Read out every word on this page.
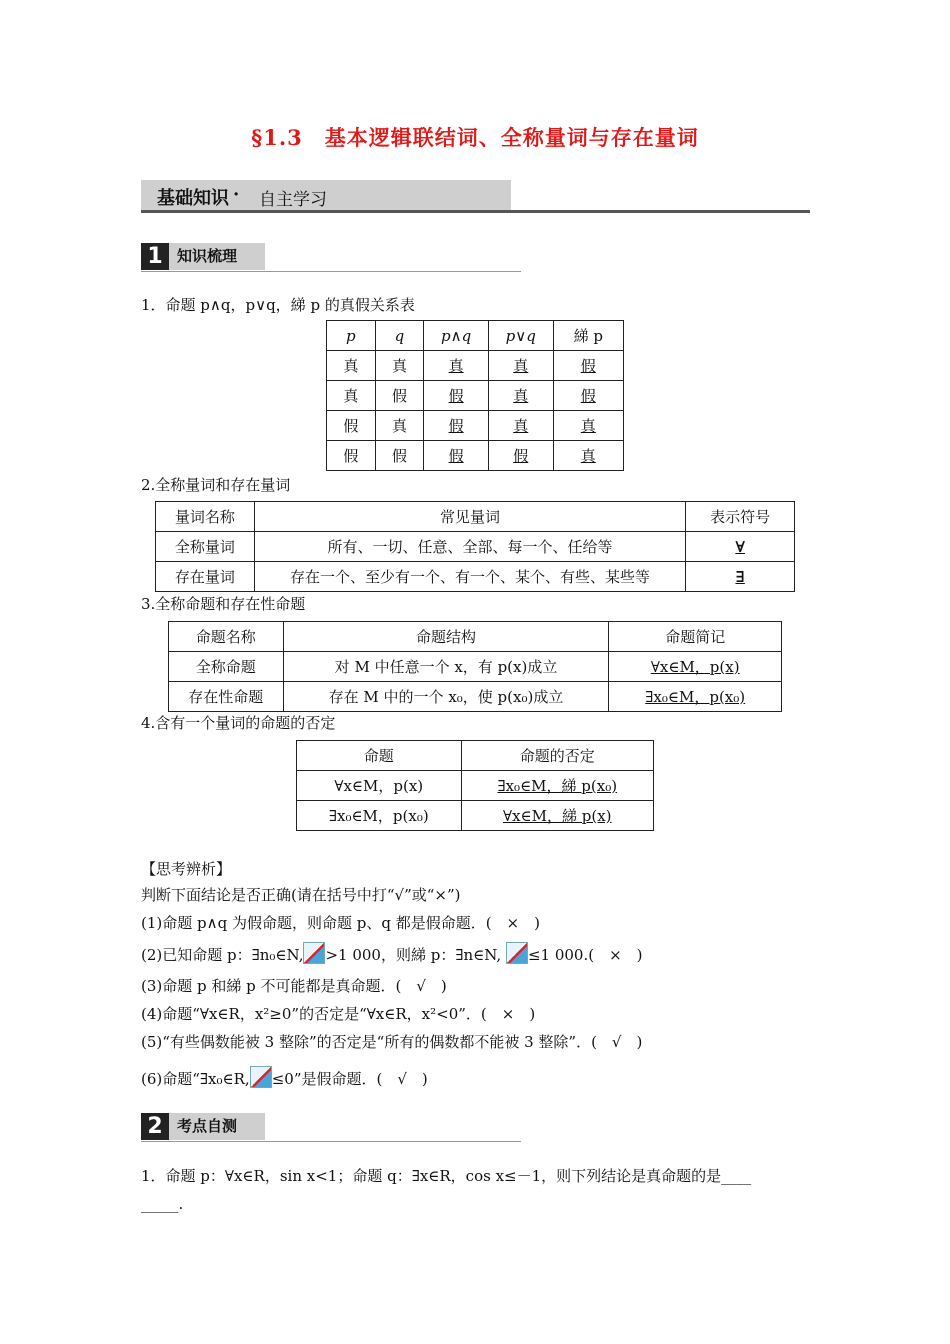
§1.3　基本逻辑联结词、全称量词与存在量词
基础知识 · 自主学习
1 知识梳理
1．命题 p∧q，p∨q，綈 p 的真假关系表
p	q	p∧q	p∨q	綈 p
真	真	真	真	假
真	假	假	真	假
假	真	假	真	真
假	假	假	假	真
2.全称量词和存在量词
量词名称	常见量词	表示符号
全称量词	所有、一切、任意、全部、每一个、任给等	∀
存在量词	存在一个、至少有一个、有一个、某个、有些、某些等	∃
3.全称命题和存在性命题
命题名称	命题结构	命题简记
全称命题	对 M 中任意一个 x，有 p(x)成立	∀x∈M，p(x)
存在性命题	存在 M 中的一个 x₀，使 p(x₀)成立	∃x₀∈M，p(x₀)
4.含有一个量词的命题的否定
命题	命题的否定
∀x∈M，p(x)	∃x₀∈M，綈 p(x₀)
∃x₀∈M，p(x₀)	∀x∈M，綈 p(x)
【思考辨析】
判断下面结论是否正确(请在括号中打“√”或“×”)
(1)命题 p∧q 为假命题，则命题 p、q 都是假命题．(　×　)
(2)已知命题 p：∃n₀∈N, >1 000，则綈 p：∃n∈N, ≤1 000.(　×　)
(3)命题 p 和綈 p 不可能都是真命题．(　√　)
(4)命题“∀x∈R，x²≥0”的否定是“∀x∈R，x²<0”．(　×　)
(5)“有些偶数能被 3 整除”的否定是“所有的偶数都不能被 3 整除”．(　√　)
(6)命题“∃x₀∈R, ≤0”是假命题．(　√　)
2 考点自测
1．命题 p：∀x∈R，sin x<1；命题 q：∃x∈R，cos x≤－1，则下列结论是真命题的是____
_____.
